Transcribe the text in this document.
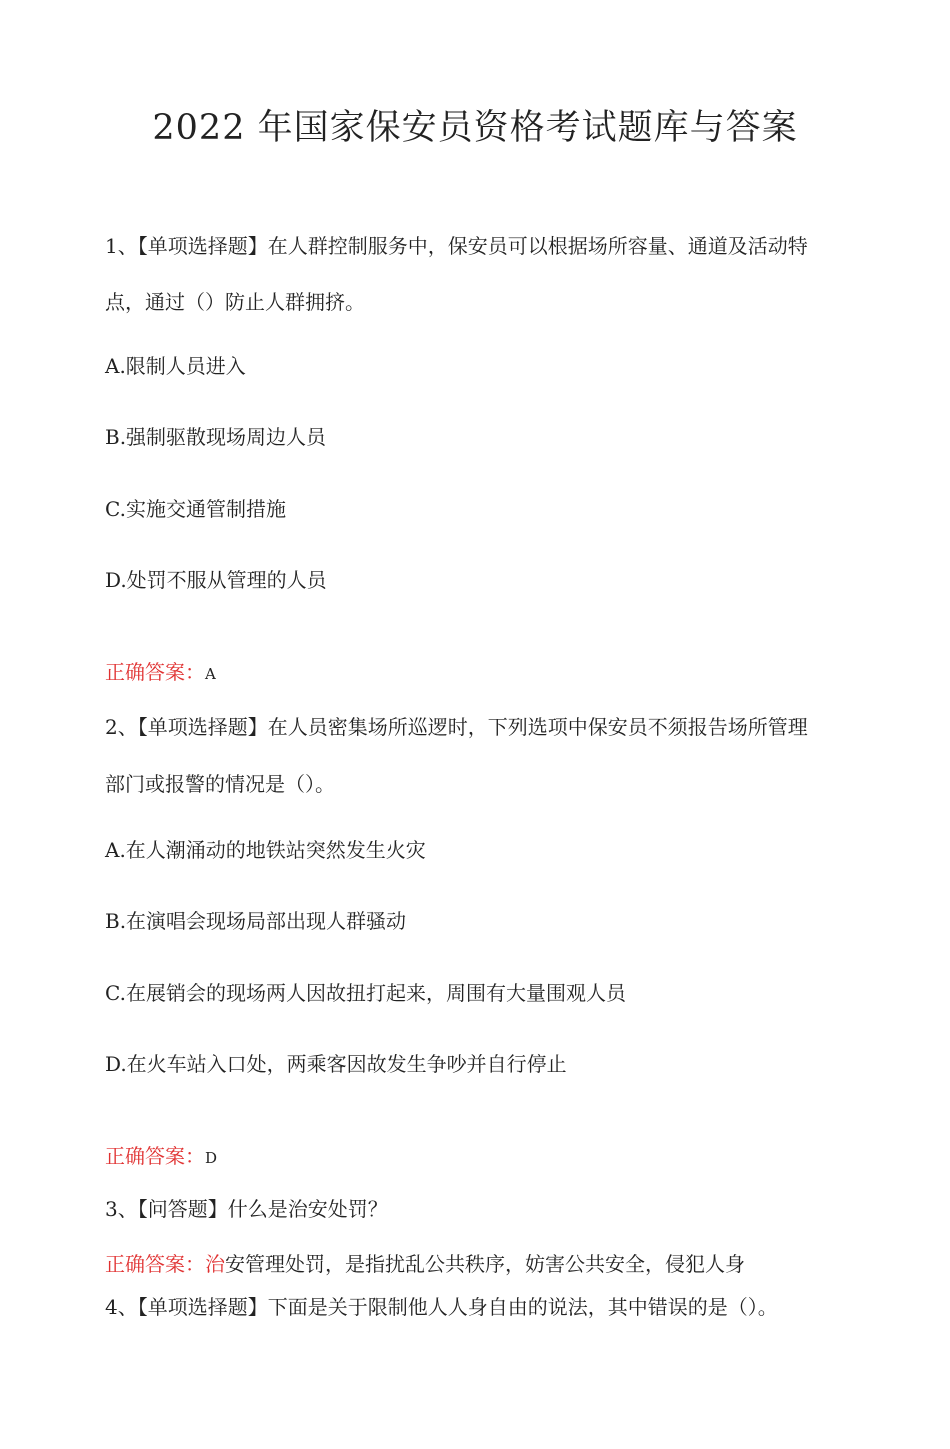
2022 年国家保安员资格考试题库与答案
1、【单项选择题】在人群控制服务中，保安员可以根据场所容量、通道及活动特
点，通过（）防止人群拥挤。
A.限制人员进入
B.强制驱散现场周边人员
C.实施交通管制措施
D.处罚不服从管理的人员
正确答案：A
2、【单项选择题】在人员密集场所巡逻时，下列选项中保安员不须报告场所管理
部门或报警的情况是（）。
A.在人潮涌动的地铁站突然发生火灾
B.在演唱会现场局部出现人群骚动
C.在展销会的现场两人因故扭打起来，周围有大量围观人员
D.在火车站入口处，两乘客因故发生争吵并自行停止
正确答案：D
3、【问答题】什么是治安处罚？
正确答案：治安管理处罚，是指扰乱公共秩序，妨害公共安全，侵犯人身
4、【单项选择题】下面是关于限制他人人身自由的说法，其中错误的是（）。
